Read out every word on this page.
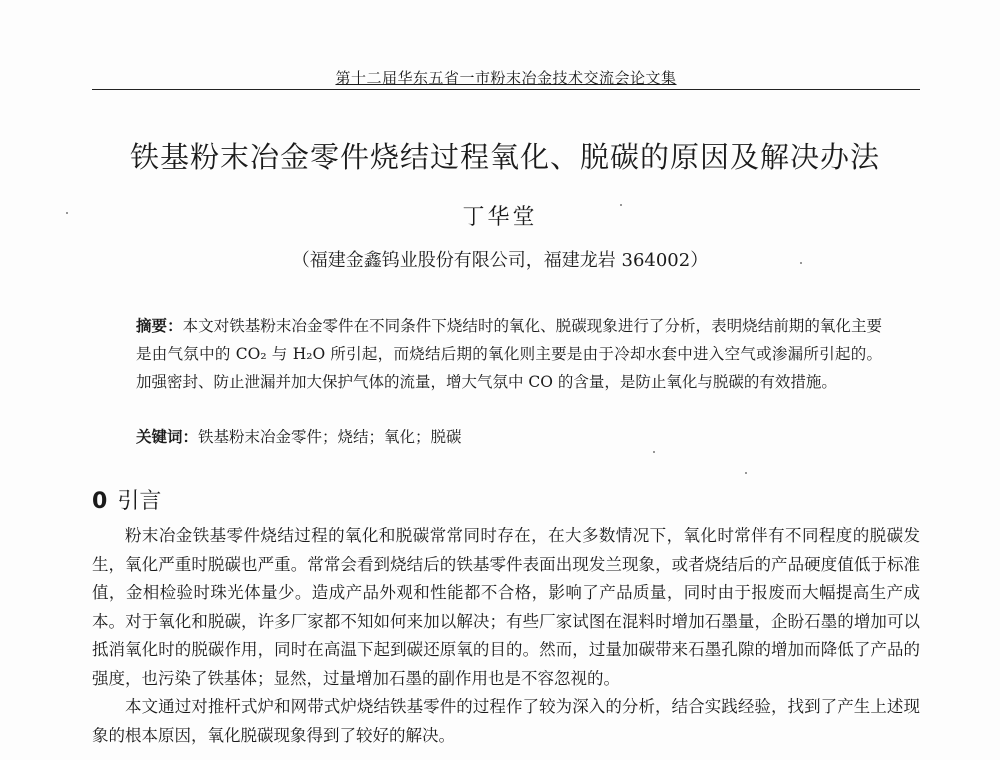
第十二届华东五省一市粉末冶金技术交流会论文集
铁基粉末冶金零件烧结过程氧化、脱碳的原因及解决办法
丁华堂
（福建金鑫钨业股份有限公司，福建龙岩 364002）
摘要：本文对铁基粉末冶金零件在不同条件下烧结时的氧化、脱碳现象进行了分析，表明烧结前期的氧化主要是由气氛中的 CO₂ 与 H₂O 所引起，而烧结后期的氧化则主要是由于冷却水套中进入空气或渗漏所引起的。加强密封、防止泄漏并加大保护气体的流量，增大气氛中 CO 的含量，是防止氧化与脱碳的有效措施。
关键词：铁基粉末冶金零件；烧结；氧化；脱碳
0 引言

粉末冶金铁基零件烧结过程的氧化和脱碳常常同时存在，在大多数情况下，氧化时常伴有不同程度的脱碳发生，氧化严重时脱碳也严重。常常会看到烧结后的铁基零件表面出现发兰现象，或者烧结后的产品硬度值低于标准值，金相检验时珠光体量少。造成产品外观和性能都不合格，影响了产品质量，同时由于报废而大幅提高生产成本。对于氧化和脱碳，许多厂家都不知如何来加以解决；有些厂家试图在混料时增加石墨量，企盼石墨的增加可以抵消氧化时的脱碳作用，同时在高温下起到碳还原氧的目的。然而，过量加碳带来石墨孔隙的增加而降低了产品的强度，也污染了铁基体；显然，过量增加石墨的副作用也是不容忽视的。

本文通过对推杆式炉和网带式炉烧结铁基零件的过程作了较为深入的分析，结合实践经验，找到了产生上述现象的根本原因，氧化脱碳现象得到了较好的解决。
